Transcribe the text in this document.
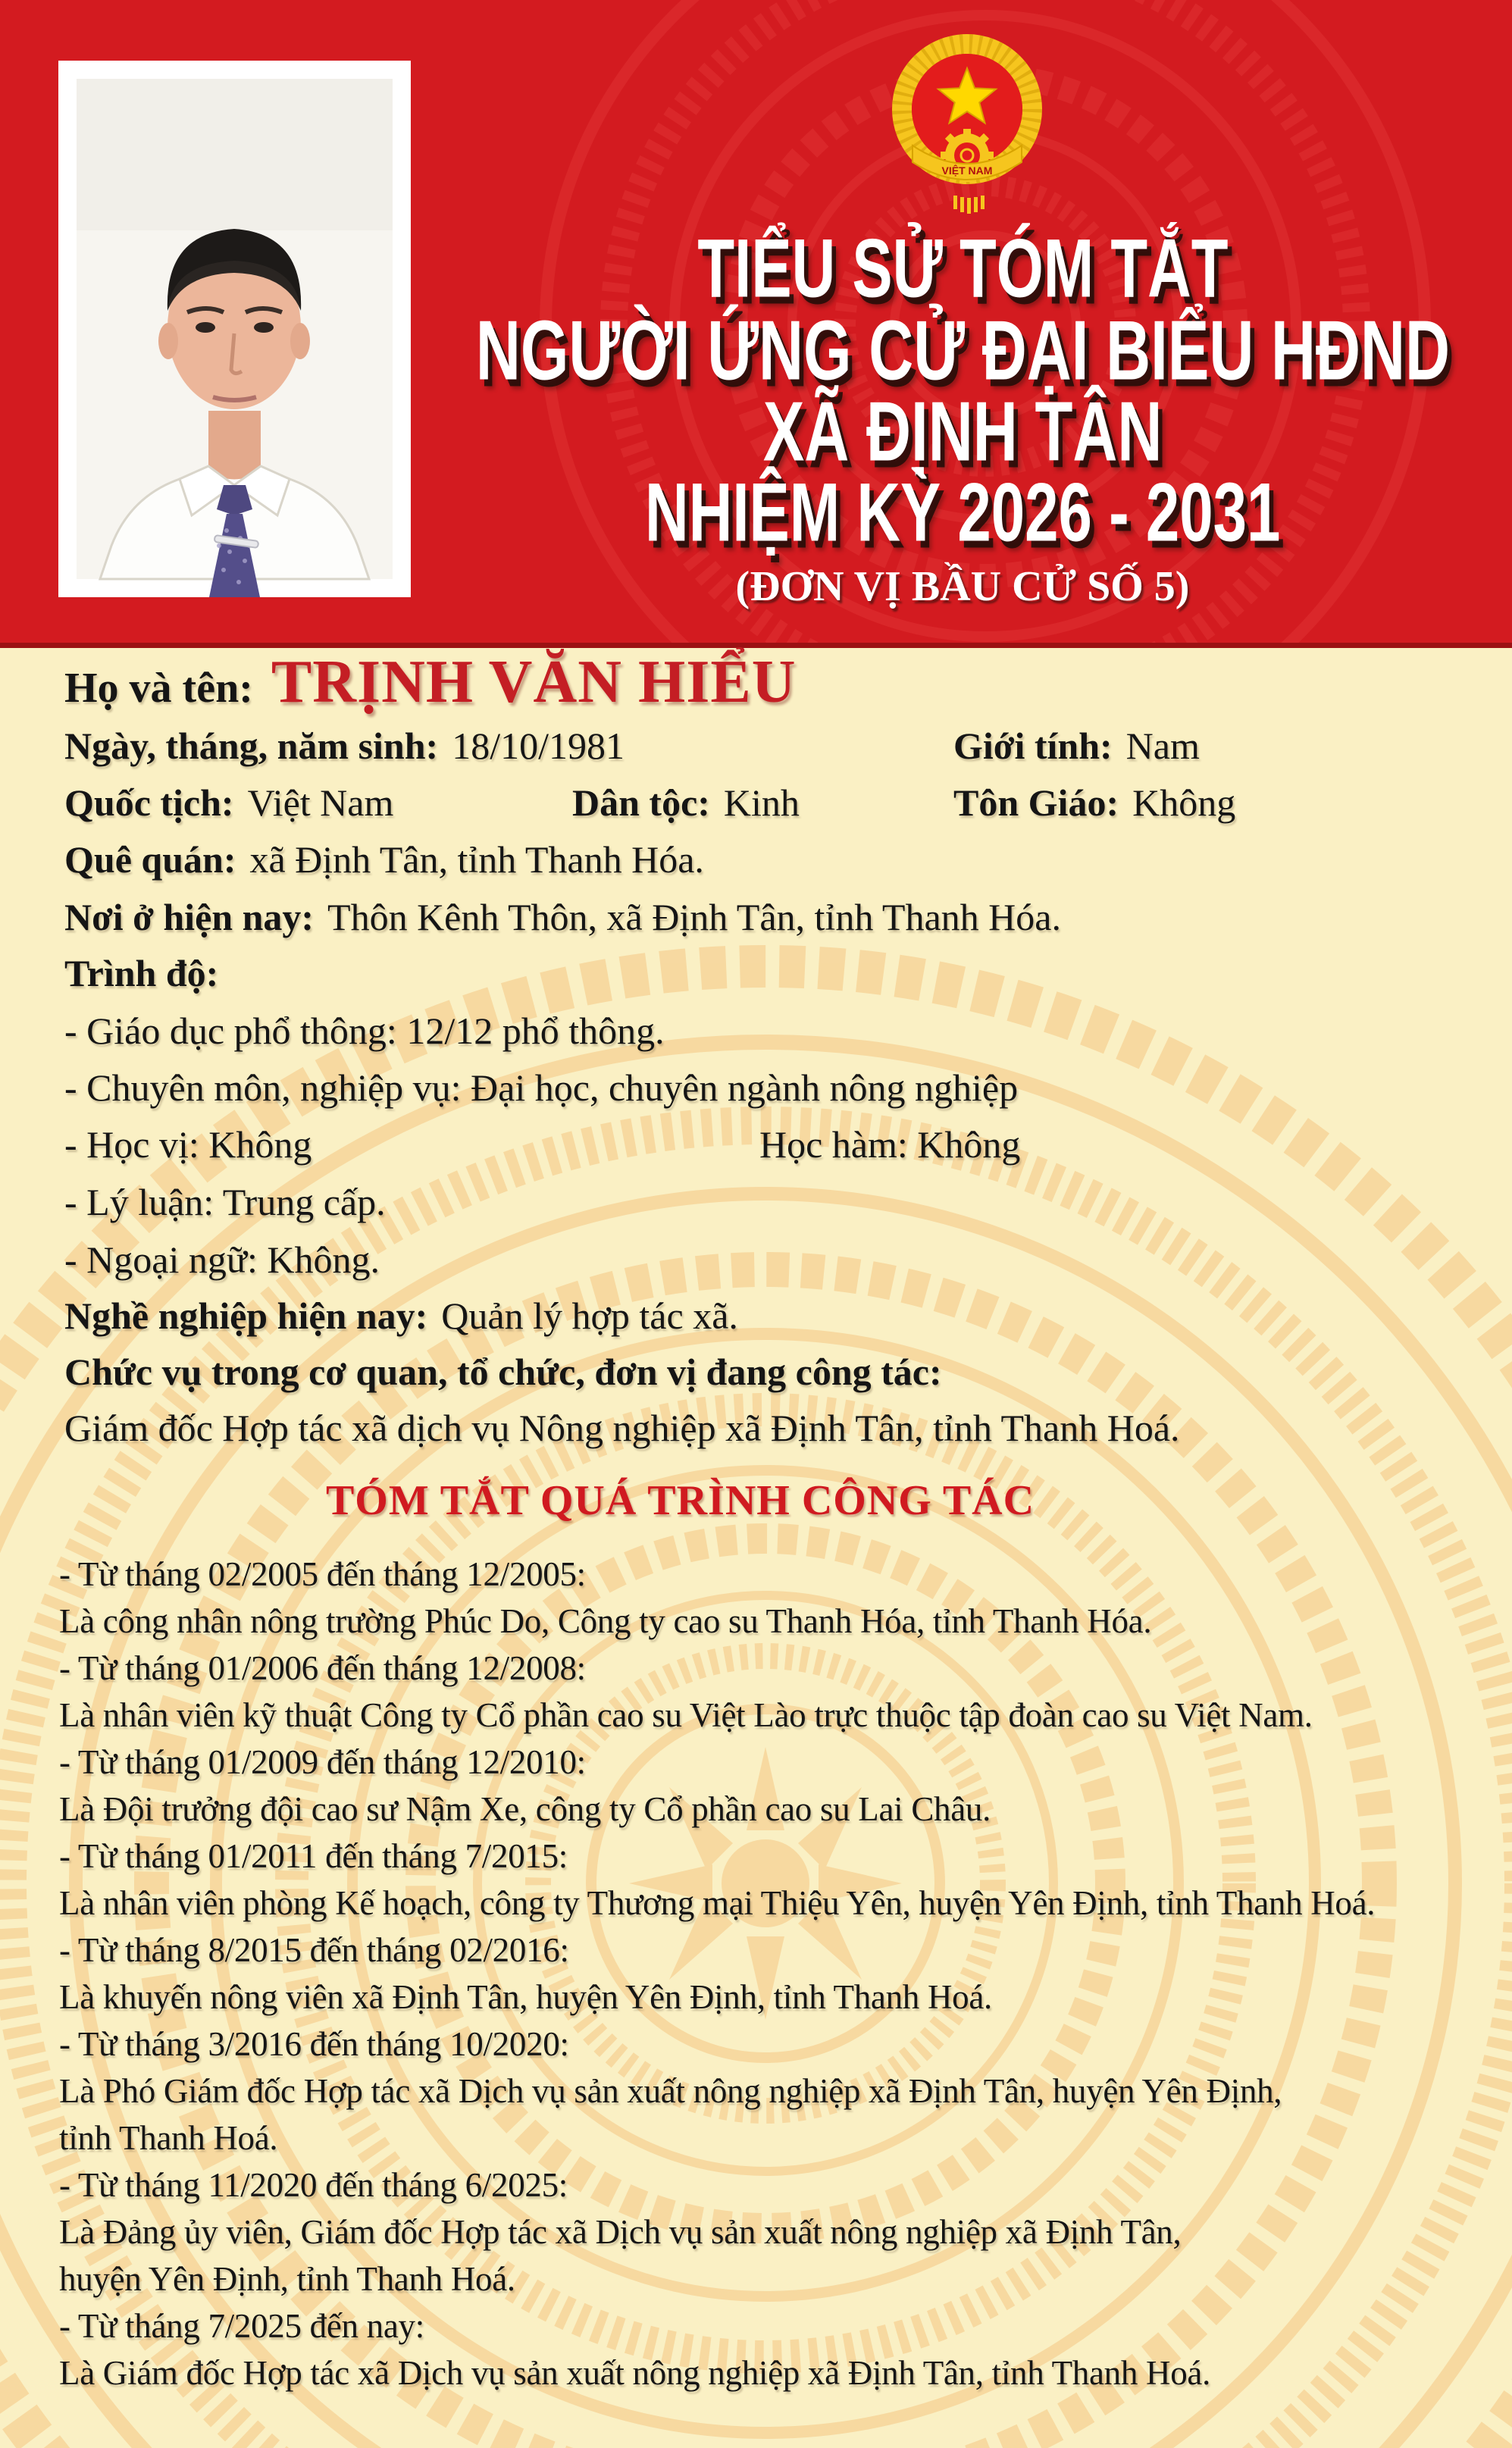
VIỆT NAM
TIỂU SỬ TÓM TẮT
NGƯỜI ỨNG CỬ ĐẠI BIỂU HĐND
XÃ ĐỊNH TÂN
NHIỆM KỲ 2026 - 2031
(ĐƠN VỊ BẦU CỬ SỐ 5)
Họ và tên: TRỊNH VĂN HIỂU
Ngày, tháng, năm sinh: 18/10/1981	Giới tính: Nam
Quốc tịch: Việt Nam	Dân tộc: Kinh	Tôn Giáo: Không
Quê quán: xã Định Tân, tỉnh Thanh Hóa.
Nơi ở hiện nay: Thôn Kênh Thôn, xã Định Tân, tỉnh Thanh Hóa.
Trình độ:
- Giáo dục phổ thông: 12/12 phổ thông.
- Chuyên môn, nghiệp vụ: Đại học, chuyên ngành nông nghiệp
- Học vị: Không	Học hàm: Không
- Lý luận: Trung cấp.
- Ngoại ngữ: Không.
Nghề nghiệp hiện nay: Quản lý hợp tác xã.
Chức vụ trong cơ quan, tổ chức, đơn vị đang công tác:
Giám đốc Hợp tác xã dịch vụ Nông nghiệp xã Định Tân, tỉnh Thanh Hoá.
TÓM TẮT QUÁ TRÌNH CÔNG TÁC
- Từ tháng 02/2005 đến tháng 12/2005:
Là công nhân nông trường Phúc Do, Công ty cao su Thanh Hóa, tỉnh Thanh Hóa.
- Từ tháng 01/2006 đến tháng 12/2008:
Là nhân viên kỹ thuật Công ty Cổ phần cao su Việt Lào trực thuộc tập đoàn cao su Việt Nam.
- Từ tháng 01/2009 đến tháng 12/2010:
Là Đội trưởng đội cao sư Nậm Xe, công ty Cổ phần cao su Lai Châu.
- Từ tháng 01/2011 đến tháng 7/2015:
Là nhân viên phòng Kế hoạch, công ty Thương mại Thiệu Yên, huyện Yên Định, tỉnh Thanh Hoá.
- Từ tháng 8/2015 đến tháng 02/2016:
Là khuyến nông viên xã Định Tân, huyện Yên Định, tỉnh Thanh Hoá.
- Từ tháng 3/2016 đến tháng 10/2020:
Là Phó Giám đốc Hợp tác xã Dịch vụ sản xuất nông nghiệp xã Định Tân, huyện Yên Định,
tỉnh Thanh Hoá.
- Từ tháng 11/2020 đến tháng 6/2025:
Là Đảng ủy viên, Giám đốc Hợp tác xã Dịch vụ sản xuất nông nghiệp xã Định Tân,
huyện Yên Định, tỉnh Thanh Hoá.
- Từ tháng 7/2025 đến nay:
Là Giám đốc Hợp tác xã Dịch vụ sản xuất nông nghiệp xã Định Tân, tỉnh Thanh Hoá.
